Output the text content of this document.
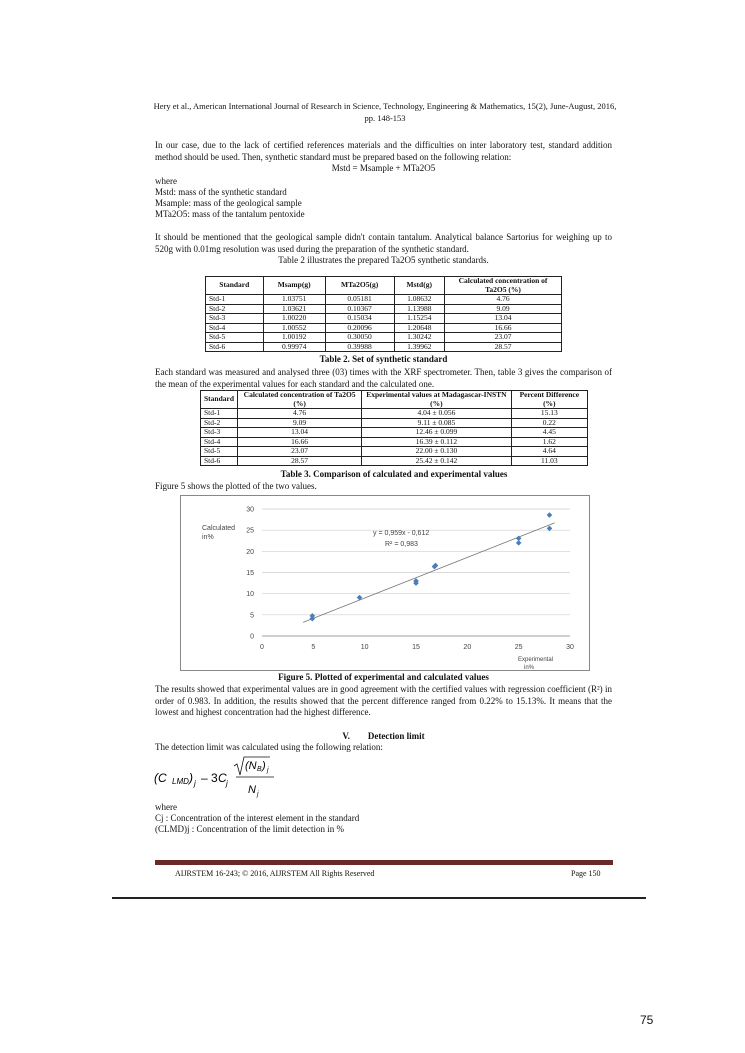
Hery et al., American International Journal of Research in Science, Technology, Engineering & Mathematics, 15(2), June-August, 2016,
pp. 148-153
In our case, due to the lack of certified references materials and the difficulties on inter laboratory test, standard addition method should be used. Then, synthetic standard must be prepared based on the following relation:
Mstd = Msample + MTa2O5
where
Mstd: mass of the synthetic standard
Msample: mass of the geological sample
MTa2O5: mass of the tantalum pentoxide
It should be mentioned that the geological sample didn't contain tantalum. Analytical balance Sartorius for weighing up to 520g with 0.01mg resolution was used during the preparation of the synthetic standard.
Table 2 illustrates the prepared Ta2O5 synthetic standards.
Standard	Msamp(g)	MTa2O5(g)	Mstd(g)	Calculated concentration of Ta2O5 (%)
Std-1	1.03751	0.05181	1.08632	4.76
Std-2	1.03621	0.10367	1.13988	9.09
Std-3	1.00220	0.15034	1.15254	13.04
Std-4	1.00552	0.20096	1.20648	16.66
Std-5	1.00192	0.30050	1.30242	23.07
Std-6	0.99974	0.39988	1.39962	28.57
Table 2. Set of synthetic standard
Each standard was measured and analysed three (03) times with the XRF spectrometer. Then, table 3 gives the comparison of the mean of the experimental values for each standard and the calculated one.
Standard	Calculated concentration of Ta2O5 (%)	Experimental values at Madagascar-INSTN (%)	Percent Difference (%)
Std-1	4.76	4.04 ± 0.056	15.13
Std-2	9.09	9.11 ± 0.085	0.22
Std-3	13.04	12.46 ± 0.099	4.45
Std-4	16.66	16.39 ± 0.112	1.62
Std-5	23.07	22.00 ± 0.130	4.64
Std-6	28.57	25.42 ± 0.142	11.03
Table 3. Comparison of calculated and experimental values
Figure 5 shows the plotted of the two values.
0
5
10
15
20
25
30
0	5	10	15	20	25	30
Calculated
in%
Experimental
in%
y = 0,959x - 0,612
R² = 0,983
Figure 5. Plotted of experimental and calculated values
The results showed that experimental values are in good agreement with the certified values with regression coefficient (R²) in order of 0.983. In addition, the results showed that the percent difference ranged from 0.22% to 15.13%. It means that the lowest and highest concentration had the highest difference.
V.        Detection limit
The detection limit was calculated using the following relation:
(C LMD ) j – 3 C j
(N B ) j
N j
where
Cj : Concentration of the interest element in the standard
(CLMD)j : Concentration of the limit detection in %
AIJRSTEM 16-243; © 2016, AIJRSTEM All Rights Reserved	Page 150
75
